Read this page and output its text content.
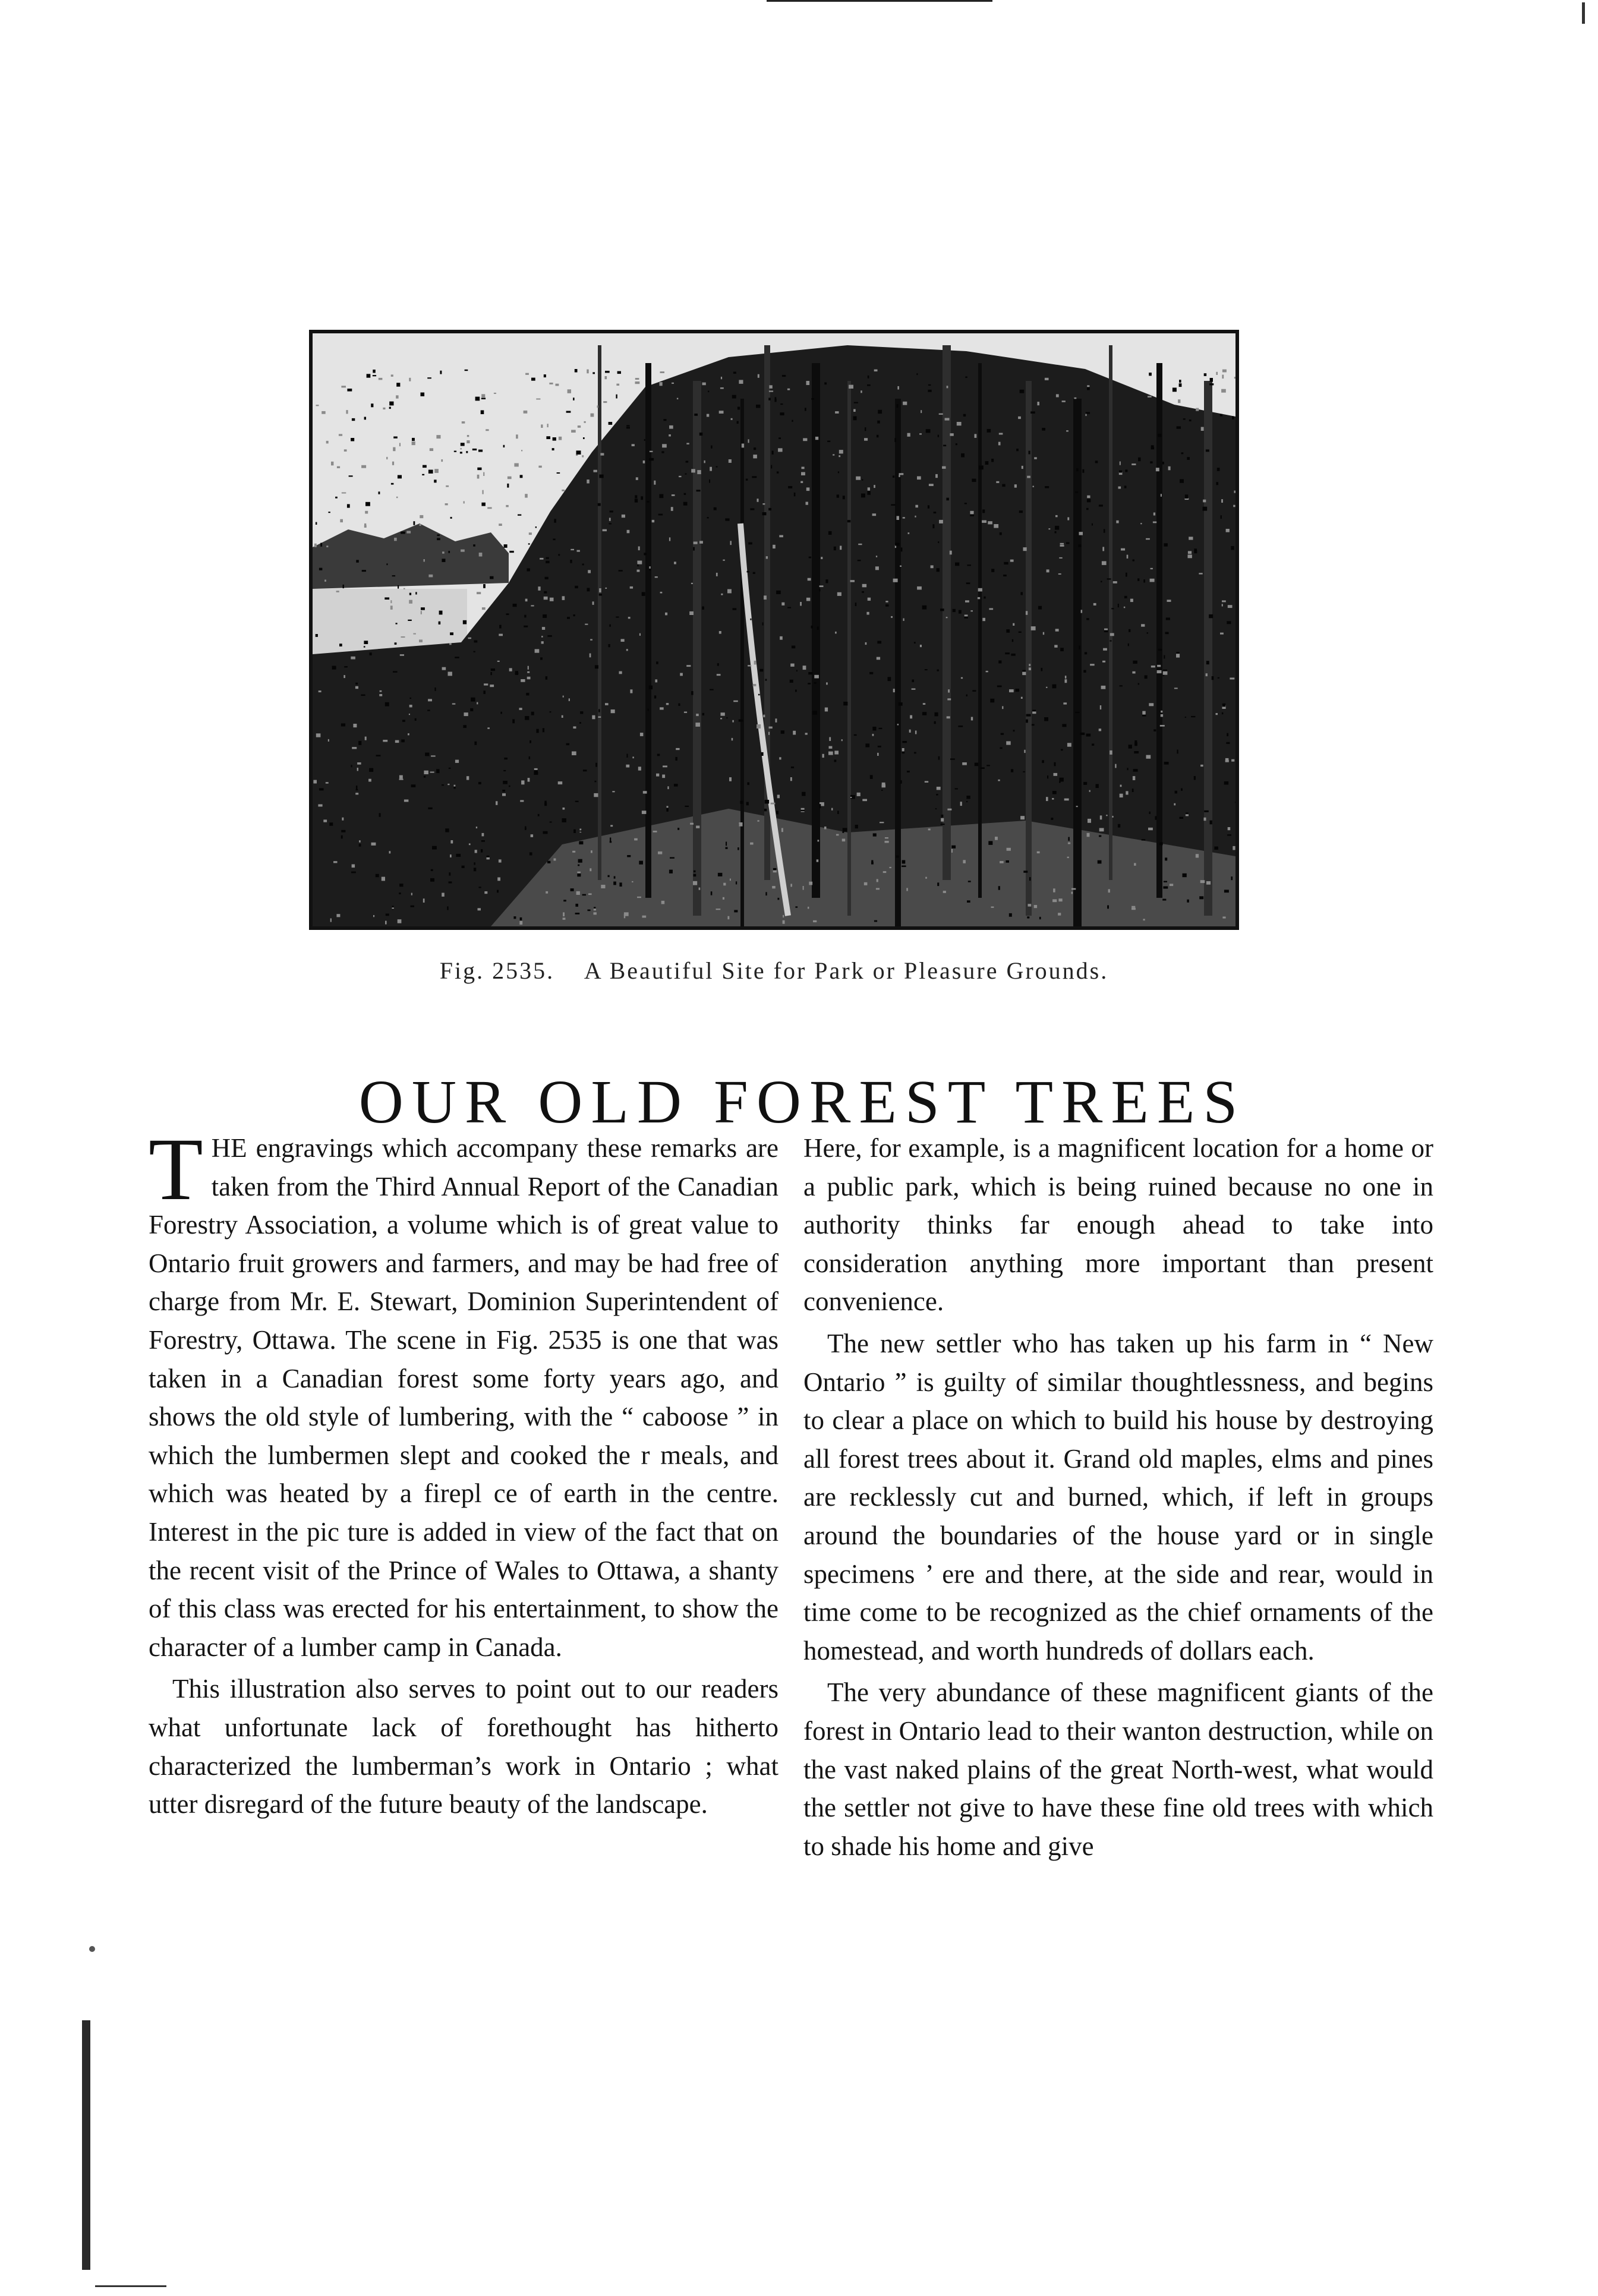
Fig. 2535. A Beautiful Site for Park or Pleasure Grounds.
OUR OLD FOREST TREES

THE engravings which accompany these remarks are taken from the Third Annual Report of the Canadian Forestry Association, a volume which is of great value to Ontario fruit growers and farmers, and may be had free of charge from Mr. E. Stewart, Dominion Superintendent of Forestry, Ottawa. The scene in Fig. 2535 is one that was taken in a Canadian forest some forty years ago, and shows the old style of lumbering, with the “ caboose ” in which the lumbermen slept and cooked the r meals, and which was heated by a firepl ce of earth in the centre. Interest in the pic ture is added in view of the fact that on the recent visit of the Prince of Wales to Ottawa, a shanty of this class was erected for his entertainment, to show the character of a lumber camp in Canada.

This illustration also serves to point out to our readers what unfortunate lack of forethought has hitherto characterized the lumberman’s work in Ontario ; what utter disregard of the future beauty of the landscape.

Here, for example, is a magnificent location for a home or a public park, which is being ruined because no one in authority thinks far enough ahead to take into consideration anything more important than present convenience.

The new settler who has taken up his farm in “ New Ontario ” is guilty of similar thoughtlessness, and begins to clear a place on which to build his house by destroying all forest trees about it. Grand old maples, elms and pines are recklessly cut and burned, which, if left in groups around the boundaries of the house yard or in single specimens ’ ere and there, at the side and rear, would in time come to be recognized as the chief ornaments of the homestead, and worth hundreds of dollars each.

The very abundance of these magnificent giants of the forest in Ontario lead to their wanton destruction, while on the vast naked plains of the great North-west, what would the settler not give to have these fine old trees with which to shade his home and give
